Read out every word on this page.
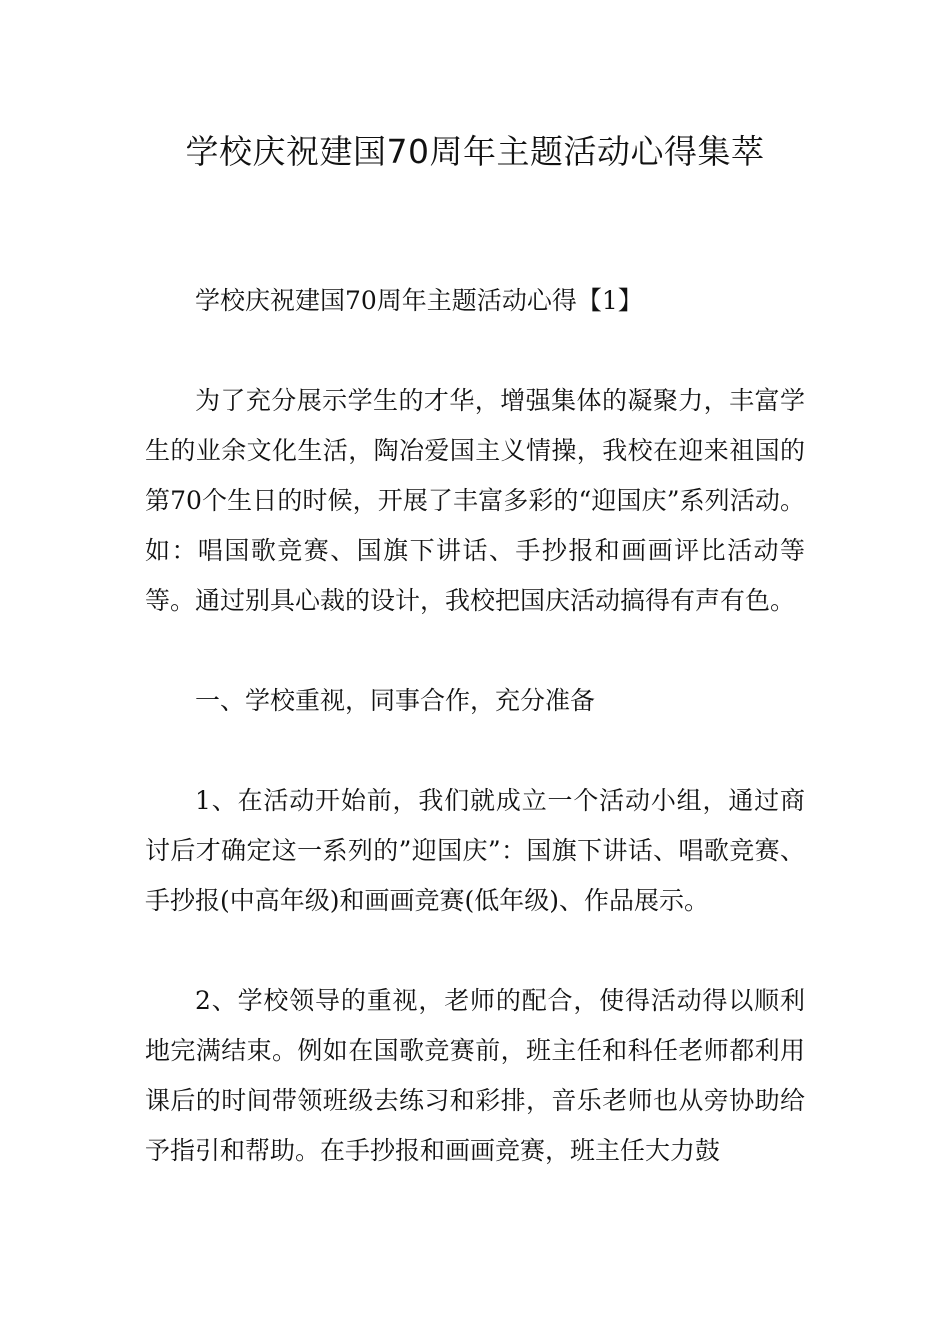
学校庆祝建国70周年主题活动心得集萃

学校庆祝建国70周年主题活动心得【1】

为了充分展示学生的才华，增强集体的凝聚力，丰富学生的业余文化生活，陶冶爱国主义情操，我校在迎来祖国的第70个生日的时候，开展了丰富多彩的“迎国庆”系列活动。如：唱国歌竞赛、国旗下讲话、手抄报和画画评比活动等等。通过别具心裁的设计，我校把国庆活动搞得有声有色。

一、学校重视，同事合作，充分准备

1、在活动开始前，我们就成立一个活动小组，通过商讨后才确定这一系列的”迎国庆”：国旗下讲话、唱歌竞赛、手抄报(中高年级)和画画竞赛(低年级)、作品展示。

2、学校领导的重视，老师的配合，使得活动得以顺利地完满结束。例如在国歌竞赛前，班主任和科任老师都利用课后的时间带领班级去练习和彩排，音乐老师也从旁协助给予指引和帮助。在手抄报和画画竞赛，班主任大力鼓
